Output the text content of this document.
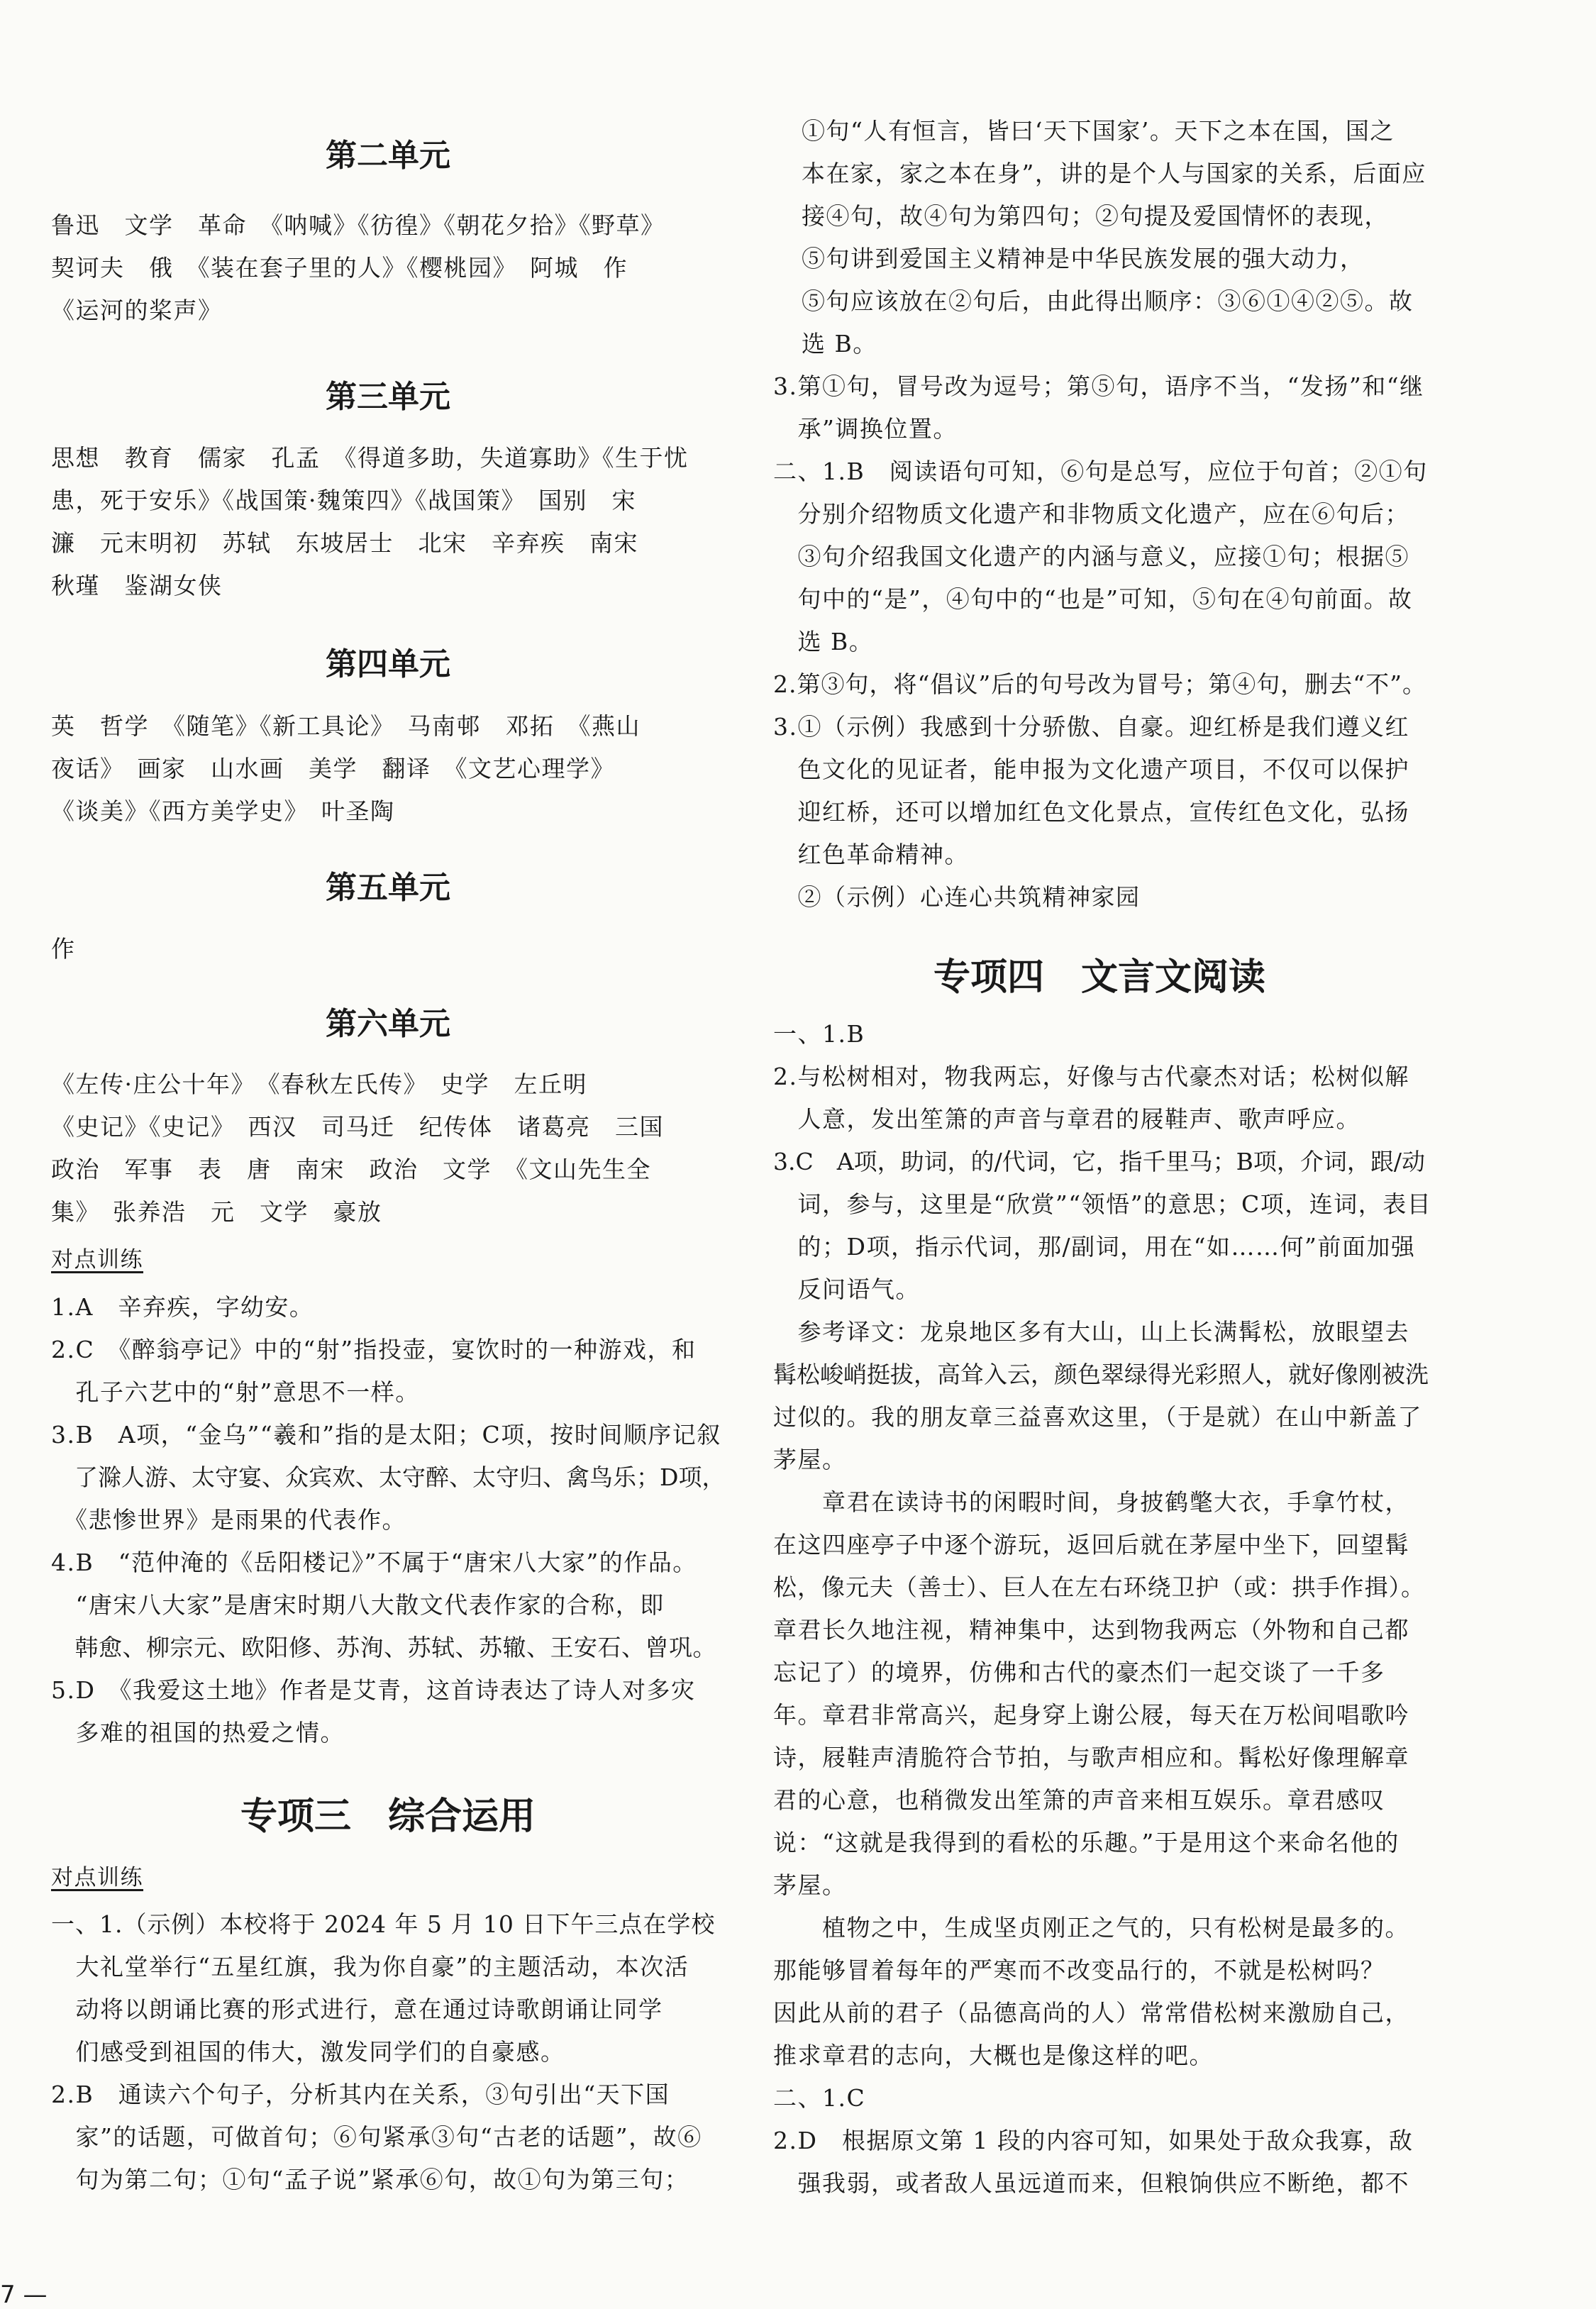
第二单元
鲁迅　文学　革命　《呐喊》《彷徨》《朝花夕拾》《野草》
契诃夫　俄　《装在套子里的人》《樱桃园》　阿城　作
《运河的桨声》
第三单元
思想　教育　儒家　孔孟　《得道多助，失道寡助》《生于忧
患，死于安乐》《战国策·魏策四》《战国策》　国别　宋
濂　元末明初　苏轼　东坡居士　北宋　辛弃疾　南宋
秋瑾　鉴湖女侠
第四单元
英　哲学　《随笔》《新工具论》　马南邨　邓拓　《燕山
夜话》　画家　山水画　美学　翻译　《文艺心理学》
《谈美》《西方美学史》　叶圣陶
第五单元
作
第六单元
《左传·庄公十年》　《春秋左氏传》　史学　左丘明
《史记》《史记》　西汉　司马迁　纪传体　诸葛亮　三国
政治　军事　表　唐　南宋　政治　文学　《文山先生全
集》　张养浩　元　文学　豪放
对点训练
1.A　辛弃疾，字幼安。
2.C　《醉翁亭记》中的“射”指投壶，宴饮时的一种游戏，和
　孔子六艺中的“射”意思不一样。
3.B　A项，“金乌”“羲和”指的是太阳；C项，按时间顺序记叙
　了滁人游、太守宴、众宾欢、太守醉、太守归、禽鸟乐；D项，
　《悲惨世界》是雨果的代表作。
4.B　“范仲淹的《岳阳楼记》”不属于“唐宋八大家”的作品。
　“唐宋八大家”是唐宋时期八大散文代表作家的合称，即
　韩愈、柳宗元、欧阳修、苏洵、苏轼、苏辙、王安石、曾巩。
5.D　《我爱这土地》作者是艾青，这首诗表达了诗人对多灾
　多难的祖国的热爱之情。
专项三　综合运用
对点训练
一、1.（示例）本校将于 2024 年 5 月 10 日下午三点在学校
　大礼堂举行“五星红旗，我为你自豪”的主题活动，本次活
　动将以朗诵比赛的形式进行，意在通过诗歌朗诵让同学
　们感受到祖国的伟大，激发同学们的自豪感。
2.B　通读六个句子，分析其内在关系，③句引出“天下国
　家”的话题，可做首句；⑥句紧承③句“古老的话题”，故⑥
　句为第二句；①句“孟子说”紧承⑥句，故①句为第三句；
7 —
①句“人有恒言，皆曰‘天下国家’。天下之本在国，国之
本在家，家之本在身”，讲的是个人与国家的关系，后面应
接④句，故④句为第四句；②句提及爱国情怀的表现，
⑤句讲到爱国主义精神是中华民族发展的强大动力，
⑤句应该放在②句后，由此得出顺序：③⑥①④②⑤。故
选 B。
3.第①句，冒号改为逗号；第⑤句，语序不当，“发扬”和“继
　承”调换位置。
二、1.B　阅读语句可知，⑥句是总写，应位于句首；②①句
　分别介绍物质文化遗产和非物质文化遗产，应在⑥句后；
　③句介绍我国文化遗产的内涵与意义，应接①句；根据⑤
　句中的“是”，④句中的“也是”可知，⑤句在④句前面。故
　选 B。
2.第③句，将“倡议”后的句号改为冒号；第④句，删去“不”。
3.①（示例）我感到十分骄傲、自豪。迎红桥是我们遵义红
　色文化的见证者，能申报为文化遗产项目，不仅可以保护
　迎红桥，还可以增加红色文化景点，宣传红色文化，弘扬
　红色革命精神。
　②（示例）心连心共筑精神家园
专项四　文言文阅读
一、1.B
2.与松树相对，物我两忘，好像与古代豪杰对话；松树似解
　人意，发出笙箫的声音与章君的屐鞋声、歌声呼应。
3.C　A项，助词，的/代词，它，指千里马；B项，介词，跟/动
　词，参与，这里是“欣赏”“领悟”的意思；C项，连词，表目
　的；D项，指示代词，那/副词，用在“如……何”前面加强
　反问语气。
　参考译文：龙泉地区多有大山，山上长满髯松，放眼望去
髯松峻峭挺拔，高耸入云，颜色翠绿得光彩照人，就好像刚被洗
过似的。我的朋友章三益喜欢这里，（于是就）在山中新盖了
茅屋。
　　章君在读诗书的闲暇时间，身披鹤氅大衣，手拿竹杖，
在这四座亭子中逐个游玩，返回后就在茅屋中坐下，回望髯
松，像元夫（善士）、巨人在左右环绕卫护（或：拱手作揖）。
章君长久地注视，精神集中，达到物我两忘（外物和自己都
忘记了）的境界，仿佛和古代的豪杰们一起交谈了一千多
年。章君非常高兴，起身穿上谢公屐，每天在万松间唱歌吟
诗，屐鞋声清脆符合节拍，与歌声相应和。髯松好像理解章
君的心意，也稍微发出笙箫的声音来相互娱乐。章君感叹
说：“这就是我得到的看松的乐趣。”于是用这个来命名他的
茅屋。
　　植物之中，生成坚贞刚正之气的，只有松树是最多的。
那能够冒着每年的严寒而不改变品行的，不就是松树吗？
因此从前的君子（品德高尚的人）常常借松树来激励自己，
推求章君的志向，大概也是像这样的吧。
二、1.C
2.D　根据原文第 1 段的内容可知，如果处于敌众我寡，敌
　强我弱，或者敌人虽远道而来，但粮饷供应不断绝，都不
